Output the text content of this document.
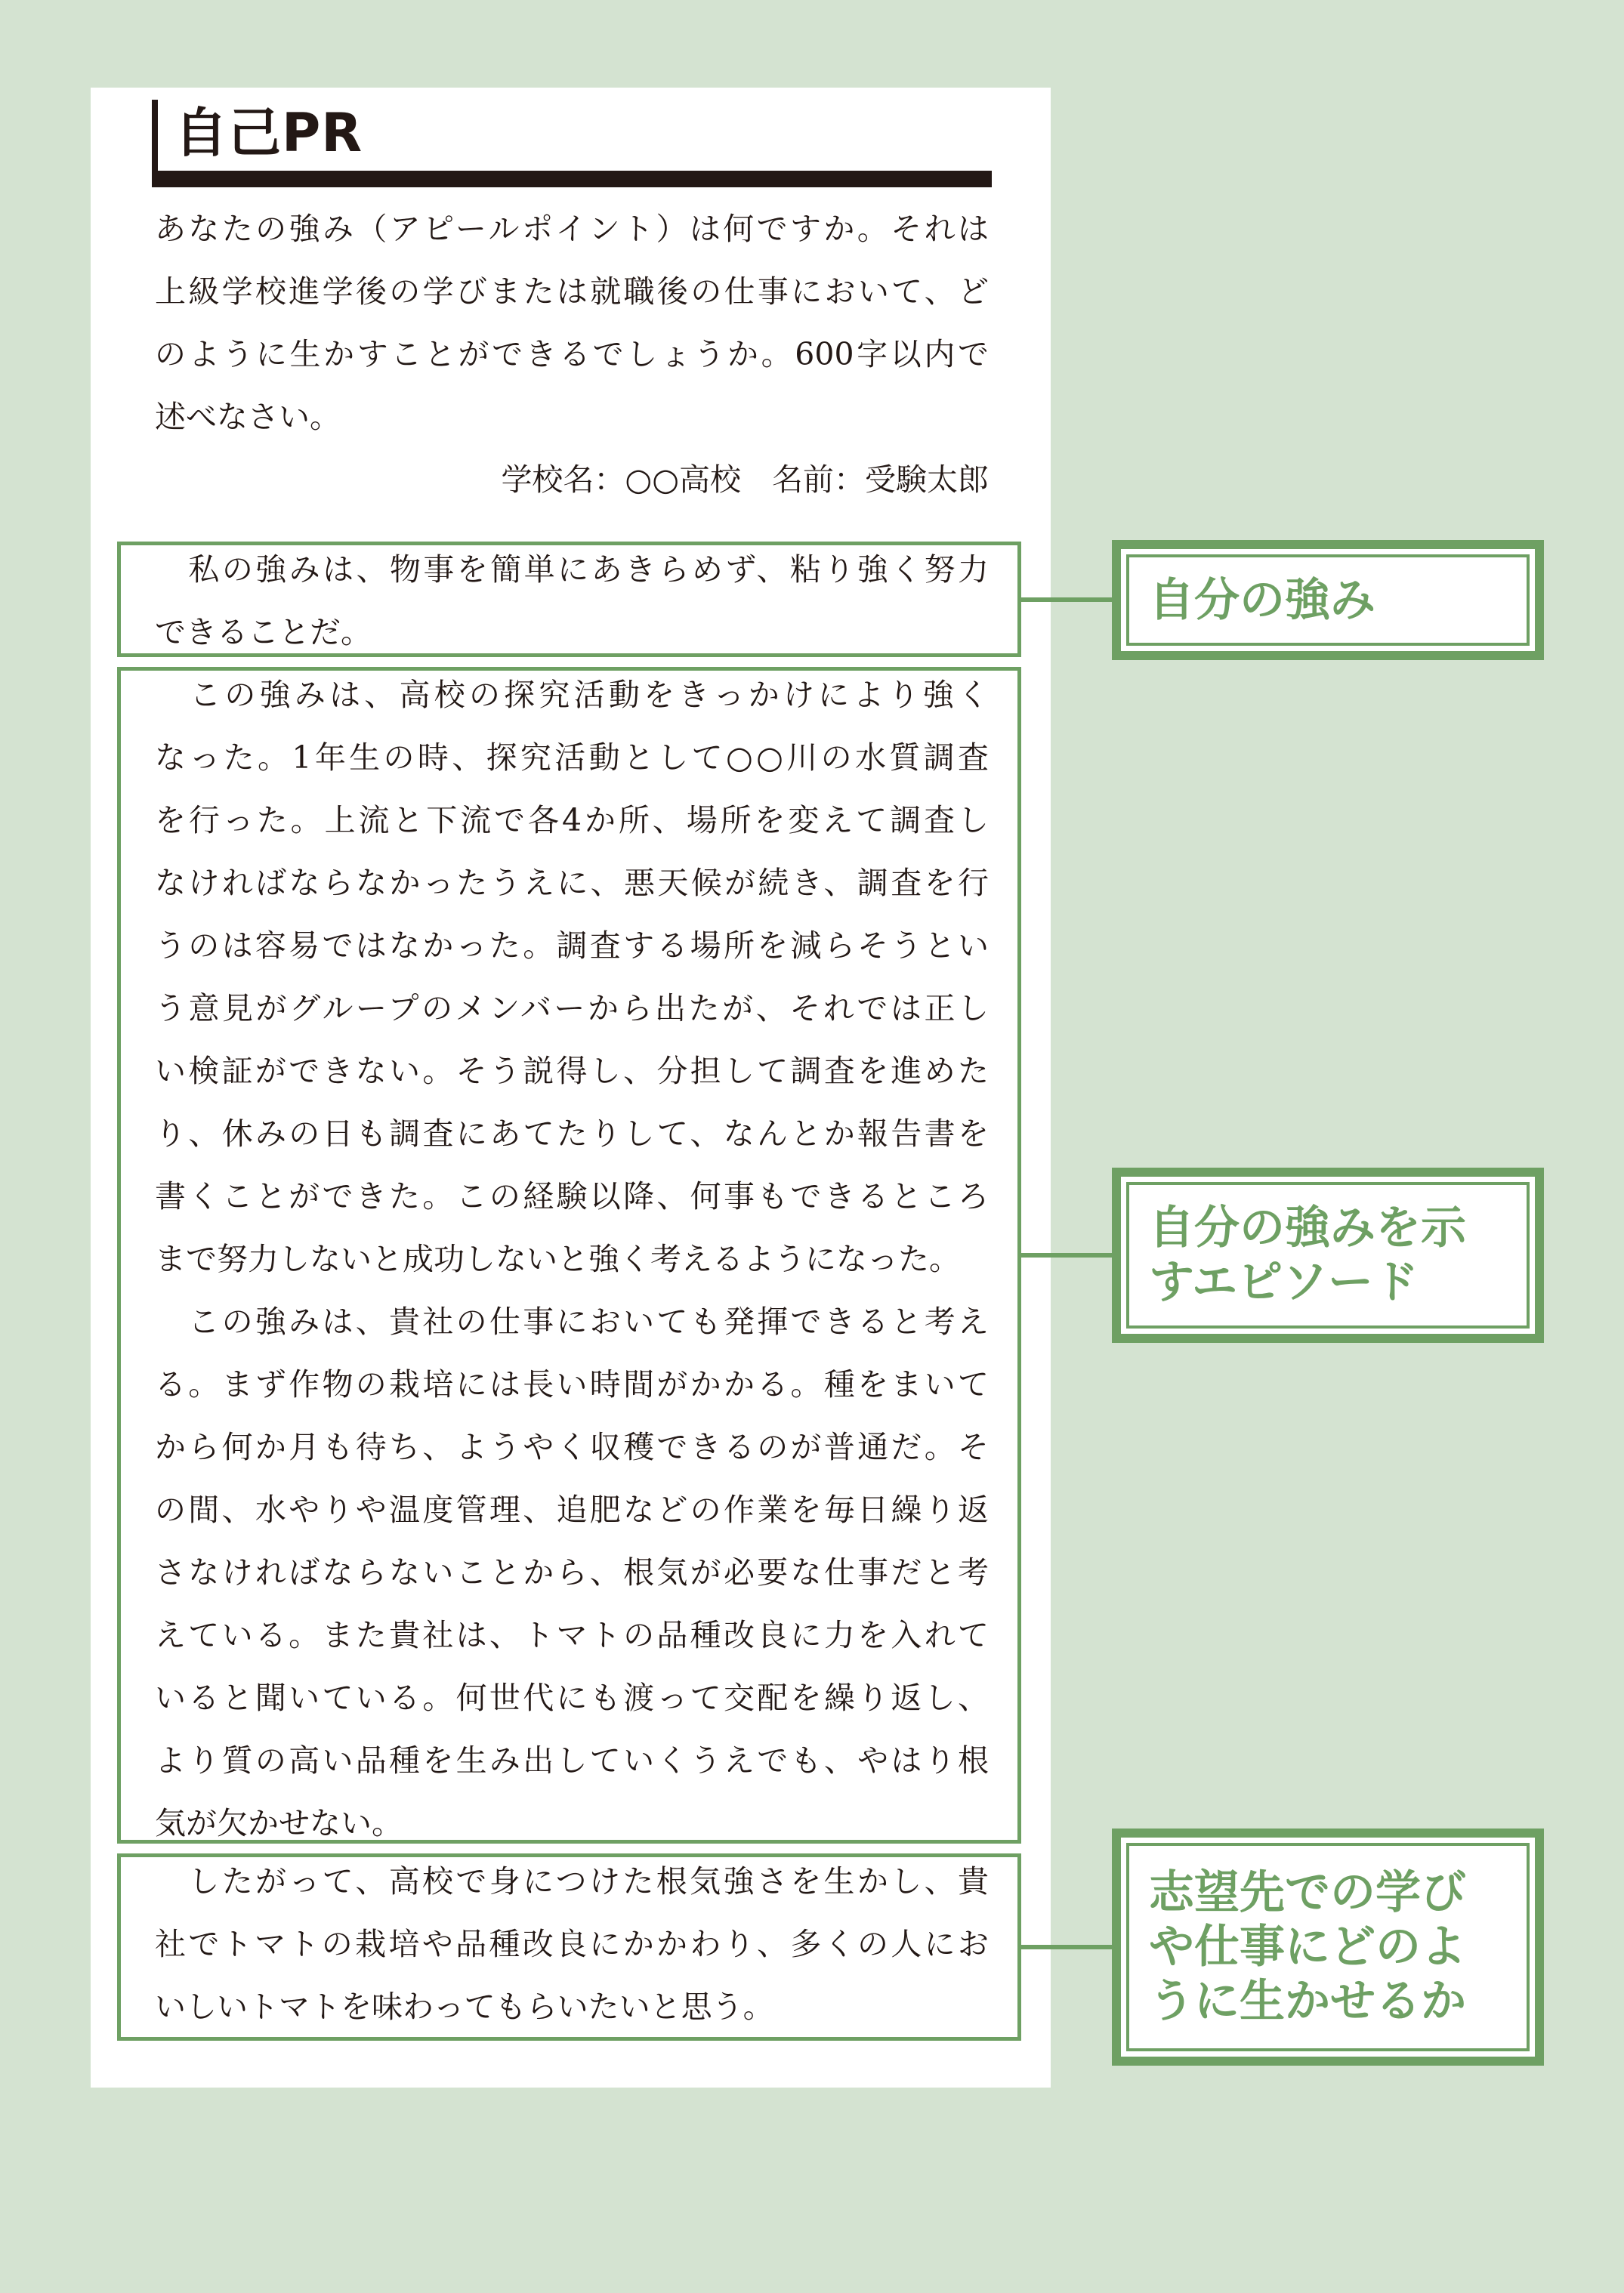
自己PR
あなたの強み（アピールポイント）は何ですか。それは
上級学校進学後の学びまたは就職後の仕事において、ど
のように生かすことができるでしょうか。600字以内で
述べなさい。
学校名：○○高校　名前：受験太郎
　私の強みは、物事を簡単にあきらめず、粘り強く努力
できることだ。
自分の強み
　この強みは、高校の探究活動をきっかけにより強く
なった。1年生の時、探究活動として○○川の水質調査
を行った。上流と下流で各4か所、場所を変えて調査し
なければならなかったうえに、悪天候が続き、調査を行
うのは容易ではなかった。調査する場所を減らそうとい
う意見がグループのメンバーから出たが、それでは正し
い検証ができない。そう説得し、分担して調査を進めた
り、休みの日も調査にあてたりして、なんとか報告書を
書くことができた。この経験以降、何事もできるところ
まで努力しないと成功しないと強く考えるようになった。
　この強みは、貴社の仕事においても発揮できると考え
る。まず作物の栽培には長い時間がかかる。種をまいて
から何か月も待ち、ようやく収穫できるのが普通だ。そ
の間、水やりや温度管理、追肥などの作業を毎日繰り返
さなければならないことから、根気が必要な仕事だと考
えている。また貴社は、トマトの品種改良に力を入れて
いると聞いている。何世代にも渡って交配を繰り返し、
より質の高い品種を生み出していくうえでも、やはり根
気が欠かせない。
自分の強みを示
すエピソード
　したがって、高校で身につけた根気強さを生かし、貴
社でトマトの栽培や品種改良にかかわり、多くの人にお
いしいトマトを味わってもらいたいと思う。
志望先での学び
や仕事にどのよ
うに生かせるか
